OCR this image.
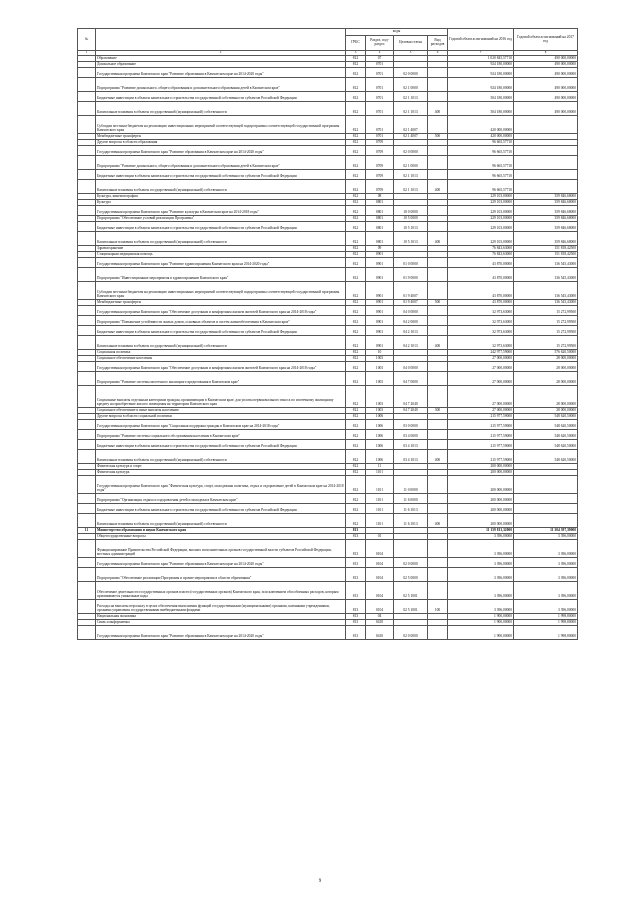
№		коды				Годовой объем ассигнований на 2016 год	Годовой объем ассигнований на 2017 год
		ГРБС	Раздел, под-раздел	Целевая статья	Вид расходов		
1	2	3	4	5	6	7	8
	Образование	812	07			1 020 845,57710	490 000,00000
	Дошкольное образование	812	0701			924 180,00000	490 000,00000
	Государственная программа Камчатского края "Развитие образования в Камчатском крае на 2014-2020 годы"	812	0701	02 0 0000		924 180,00000	490 000,00000
	Подпрограмма "Развитие дошкольного, общего образования и дополнительного образования детей в Камчатском крае"	812	0701	02 1 0000		924 180,00000	490 000,00000
	Бюджетные инвестиции в объекты капитального строительства государственной собственности субъектов Российской Федерации	812	0701	02 1 1013		504 180,00000	490 000,00000
	Капитальные вложения в объекты государственной (муниципальной) собственности	812	0701	02 1 1013	400	504 180,00000	490 000,00000
	Субсидии местным бюджетам на реализацию инвестиционных мероприятий соответствующей подпрограммы соответствующей государственной программы Камчатского края	812	0701	02 1 4007		420 000,00000	
	Межбюджетные трансферты	812	0701	02 1 4007	500	420 000,00000	
	Другие вопросы в области образования	812	0709			96 665,57710	
	Государственная программа Камчатского края "Развитие образования в Камчатском крае на 2014-2020 годы"	812	0709	02 0 0000		96 665,57710	
	Подпрограмма "Развитие дошкольного, общего образования и дополнительного образования детей в Камчатском крае"	812	0709	02 1 0000		96 665,57710	
	Бюджетные инвестиции в объекты капитального строительства государственной собственности субъектов Российской Федерации	812	0709	02 1 1013		96 665,57710	
	Капитальные вложения в объекты государственной (муниципальной) собственности	812	0709	02 1 1013	400	96 665,57710	
	Культура, кинематография	812	08			229 103,00000	359 846,68000
	Культура	812	0801			229 103,00000	359 846,68000
	Государственная программа Камчатского края "Развитие культуры в Камчатском крае на 2014-2018 годы"	812	0801	10 0 0000		229 103,00000	359 846,68000
	Подпрограмма "Обеспечение условий реализации Программы"	812	0801	10 5 0000		229 103,00000	359 846,68000
	Бюджетные инвестиции в объекты капитального строительства государственной собственности субъектов Российской Федерации	812	0801	10 5 1013		229 103,00000	359 846,68000
	Капитальные вложения в объекты государственной (муниципальной) собственности	812	0801	10 5 1013	400	229 103,00000	359 846,68000
	Здравоохранение	812	09			76 843,63000	151 818,42500
	Стационарная медицинская помощь	812	0901			76 843,63000	151 818,42500
	Государственная программа Камчатского края "Развитие здравоохранения Камчатского края на 2014-2020 годы"	812	0901	01 0 0000		43 870,00000	136 545,43000
	Подпрограмма "Инвестиционные мероприятия в здравоохранении Камчатского края"	812	0901	01 9 0000		43 870,00000	136 545,43000
	Субсидии местным бюджетам на реализацию инвестиционных мероприятий соответствующей подпрограммы соответствующей государственной программы Камчатского края	812	0901	01 9 4007		43 870,00000	136 545,43000
	Межбюджетные трансферты	812	0901	01 9 4007	500	43 870,00000	136 545,43000
	Государственная программа Камчатского края "Обеспечение доступным и комфортным жильем жителей Камчатского края на 2014-2018 годы"	812	0901	04 0 0000		32 973,63000	15 272,99500
	Подпрограмма "Повышение устойчивости жилых домов, основных объектов и систем жизнеобеспечения в Камчатском крае"	812	0901	04 2 0000		32 973,63000	15 272,99500
	Бюджетные инвестиции в объекты капитального строительства государственной собственности субъектов Российской Федерации	812	0901	04 2 1013		32 973,63000	15 272,99500
	Капитальные вложения в объекты государственной (муниципальной) собственности	812	0901	04 2 1013	400	32 973,63000	15 272,99500
	Социальная политика	812	10			242 977,59000	576 620,50000
	Социальное обеспечение населения	812	1003			27 000,00000	28 000,00000
	Государственная программа Камчатского края "Обеспечение доступным и комфортным жильем жителей Камчатского края на 2014-2018 годы"	812	1003	04 0 0000		27 000,00000	28 000,00000
	Подпрограмма "Развитие системы ипотечного жилищного кредитования в Камчатском крае"	812	1003	04 7 0000		27 000,00000	28 000,00000
	Социальные выплаты отдельным категориям граждан, проживающим в Камчатском крае, для уплаты первоначального взноса по ипотечному жилищному кредиту на приобретение жилого помещения на территории Камчатского края	812	1003	04 7 2040		27 000,00000	28 000,00000
	Социальное обеспечение и иные выплаты населению	812	1003	04 7 2040	300	27 000,00000	28 000,00000
	Другие вопросы в области социальной политики	812	1006			215 977,59000	548 620,50000
	Государственная программа Камчатского края "Социальная поддержка граждан в Камчатском крае на 2014-2018 годы"	812	1006	03 0 0000		215 977,59000	548 620,50000
	Подпрограмма "Развитие системы социального обслуживания населения в Камчатском крае"	812	1006	03 4 0000		215 977,59000	548 620,50000
	Бюджетные инвестиции в объекты капитального строительства государственной собственности субъектов Российской Федерации	812	1006	03 4 1013		215 977,59000	548 620,50000
	Капитальные вложения в объекты государственной (муниципальной) собственности	812	1006	03 4 1013	400	215 977,59000	548 620,50000
	Физическая культура и спорт	812	11			200 000,00000	
	Физическая культура	812	1101			200 000,00000	
	Государственная программа Камчатского края "Физическая культура, спорт, молодежная политика, отдых и оздоровление детей в Камчатском крае на 2014-2018 годы"	812	1101	11 0 0000		200 000,00000	
	Подпрограмма "Организация отдыха и оздоровления детей и молодежи в Камчатском крае"	812	1101	11 6 0000		200 000,00000	
	Бюджетные инвестиции в объекты капитального строительства государственной собственности субъектов Российской Федерации	812	1101	11 6 1013		200 000,00000	
	Капитальные вложения в объекты государственной (муниципальной) собственности	812	1101	11 6 1013	400	200 000,00000	
11	Министерство образования и науки Камчатского края	813				11 159 813,32000	11 304 397,39000
	Общегосударственные вопросы	813	01			3 396,00000	3 396,00000
	Функционирование Правительства Российской Федерации, высших исполнительных органов государственной власти субъектов Российской Федерации, местных администраций	813	0104			3 396,00000	3 396,00000
	Государственная программа Камчатского края "Развитие образования в Камчатском крае на 2014-2020 годы"	813	0104	02 0 0000		3 396,00000	3 396,00000
	Подпрограмма "Обеспечение реализации Программы и прочие мероприятия в области образования"	813	0104	02 5 0000		3 396,00000	3 396,00000
	Обеспечение деятельности государственных органов власти (государственных органов) Камчатского края, за исключением обособленных расходов, которым присваиваются уникальные коды	813	0104	02 5 1001		3 396,00000	3 396,00000
	Расходы на выплаты персоналу в целях обеспечения выполнения функций государственными (муниципальными) органами, казенными учреждениями, органами управления государственными внебюджетными фондами	813	0104	02 5 1001	100	3 396,00000	3 396,00000
	Национальная экономика	813	04			1 900,00000	1 998,80000
	Связь и информатика	813	0410			1 900,00000	1 998,80000
	Государственная программа Камчатского края "Развитие образования в Камчатском крае на 2014-2020 годы"	813	0410	02 0 0000		1 900,00000	1 998,80000
9
